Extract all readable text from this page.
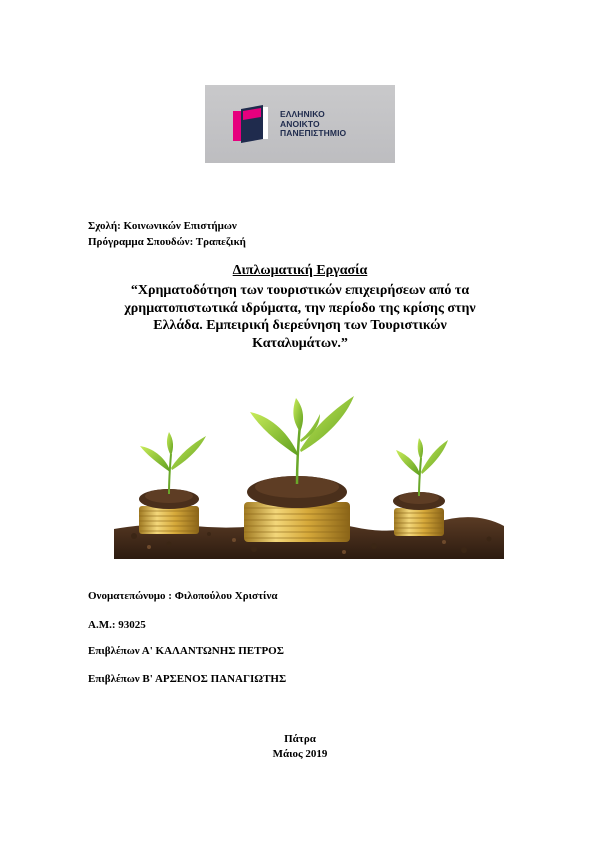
ΕΛΛΗΝΙΚΟ
ΑΝΟΙΚΤΟ
ΠΑΝΕΠΙΣΤΗΜΙΟ
Σχολή: Κοινωνικών Επιστήμων
Πρόγραμμα Σπουδών: Τραπεζική
Διπλωματική Εργασία
“Χρηματοδότηση των τουριστικών επιχειρήσεων από τα
χρηματοπιστωτικά ιδρύματα, την περίοδο της κρίσης στην
Ελλάδα. Εμπειρική διερεύνηση των Τουριστικών
Καταλυμάτων.”
Ονοματεπώνυμο : Φιλοπούλου Χριστίνα
Α.Μ.: 93025
Επιβλέπων Α' ΚΑΛΑΝΤΩΝΗΣ ΠΕΤΡΟΣ
Επιβλέπων Β' ΑΡΣΕΝΟΣ ΠΑΝΑΓΙΩΤΗΣ
Πάτρα
Μάιος 2019
